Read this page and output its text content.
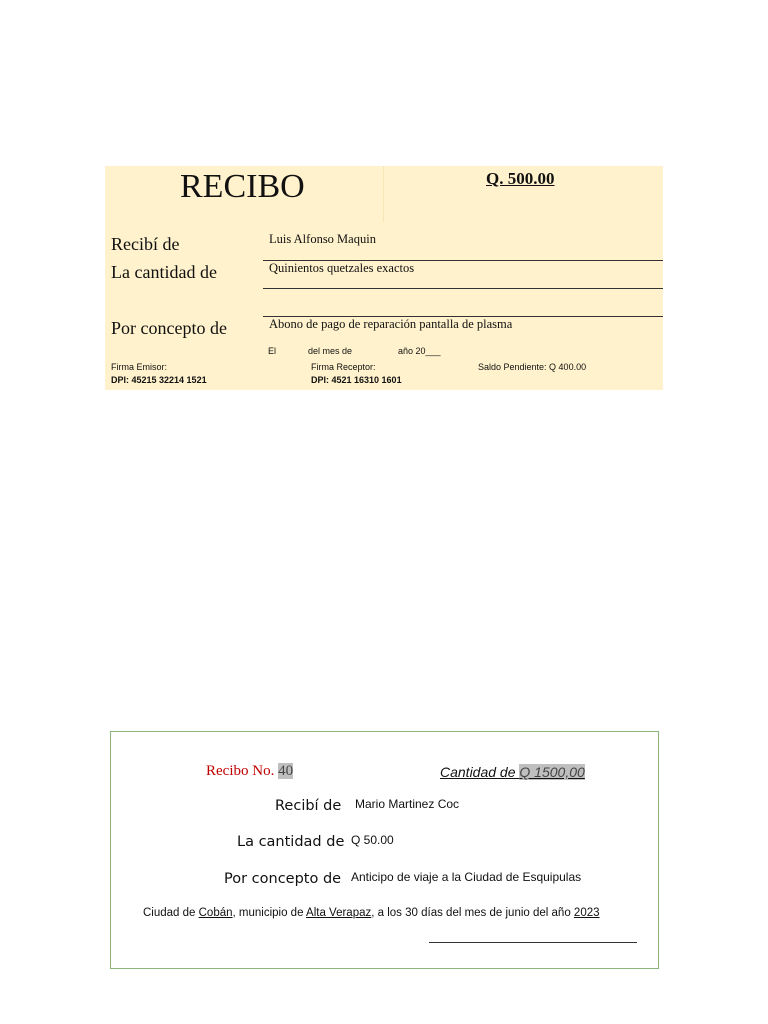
RECIBO	Q. 500.00
Recibí de	Luis Alfonso Maquin
La cantidad de	Quinientos quetzales exactos
Por concepto de	Abono de pago de reparación pantalla de plasma
El	del mes de	año 20___
Firma Emisor:
DPI: 45215 32214 1521
Firma Receptor:
DPI: 4521 16310 1601
Saldo Pendiente: Q 400.00
Recibo No. 40	Cantidad de Q 1500,00
Recibí de Mario Martinez Coc
La cantidad de Q 50.00
Por concepto de Anticipo de viaje a la Ciudad de Esquipulas
Ciudad de Cobán, municipio de Alta Verapaz, a los 30 días del mes de junio del año 2023
